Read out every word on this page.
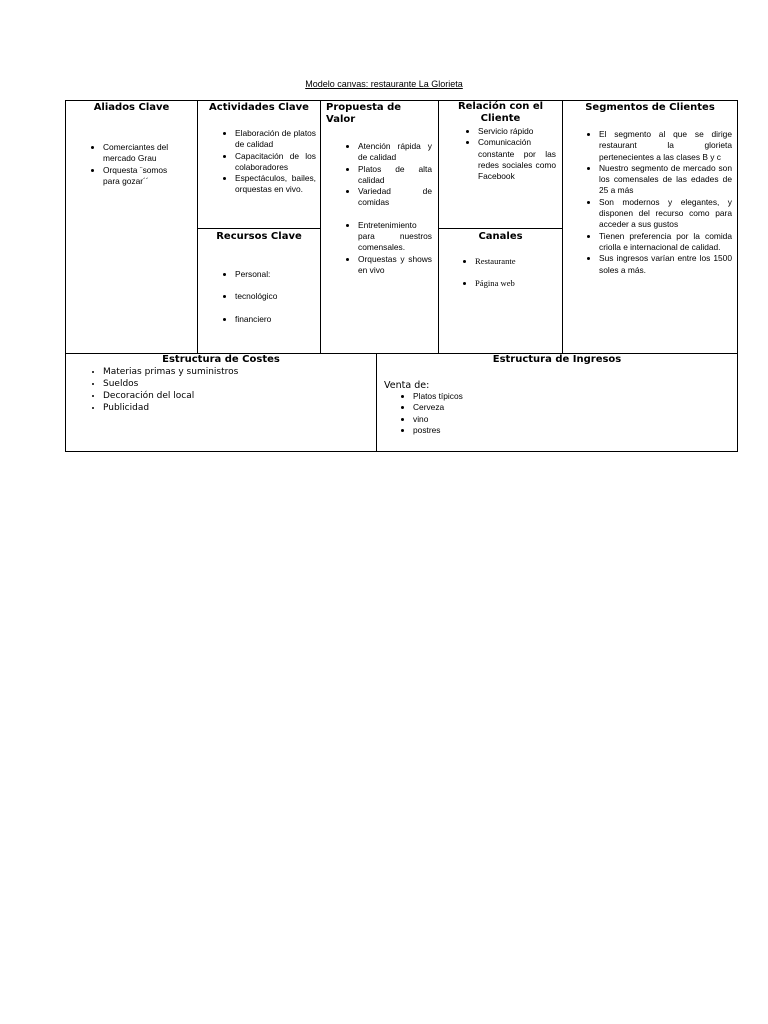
Modelo canvas: restaurante La Glorieta
Aliados Clave
• Comerciantes del mercado Grau
• Orquesta ¨somos para gozar´´
Actividades Clave
• Elaboración de platos de calidad
• Capacitación de los colaboradores
• Espectáculos, bailes, orquestas en vivo.
Recursos Clave
• Personal:
• tecnológico
• financiero
Propuesta de Valor
• Atención rápida y de calidad
• Platos de alta calidad
• Variedad de comidas
• Entretenimiento para nuestros comensales.
• Orquestas y shows en vivo
Relación con el Cliente
• Servicio rápido
• Comunicación constante por las redes sociales como Facebook
Canales
• Restaurante
• Página web
Segmentos de Clientes
• El segmento al que se dirige restaurant la glorieta pertenecientes a las clases B y c
• Nuestro segmento de mercado son los comensales de las edades de 25 a más
• Son modernos y elegantes, y disponen del recurso como para acceder a sus gustos
• Tienen preferencia por la comida criolla e internacional de calidad.
• Sus ingresos varían entre los 1500 soles a más.
Estructura de Costes
• Materias primas y suministros
• Sueldos
• Decoración del local
• Publicidad
Estructura de Ingresos
Venta de:
• Platos típicos
• Cerveza
• vino
• postres
